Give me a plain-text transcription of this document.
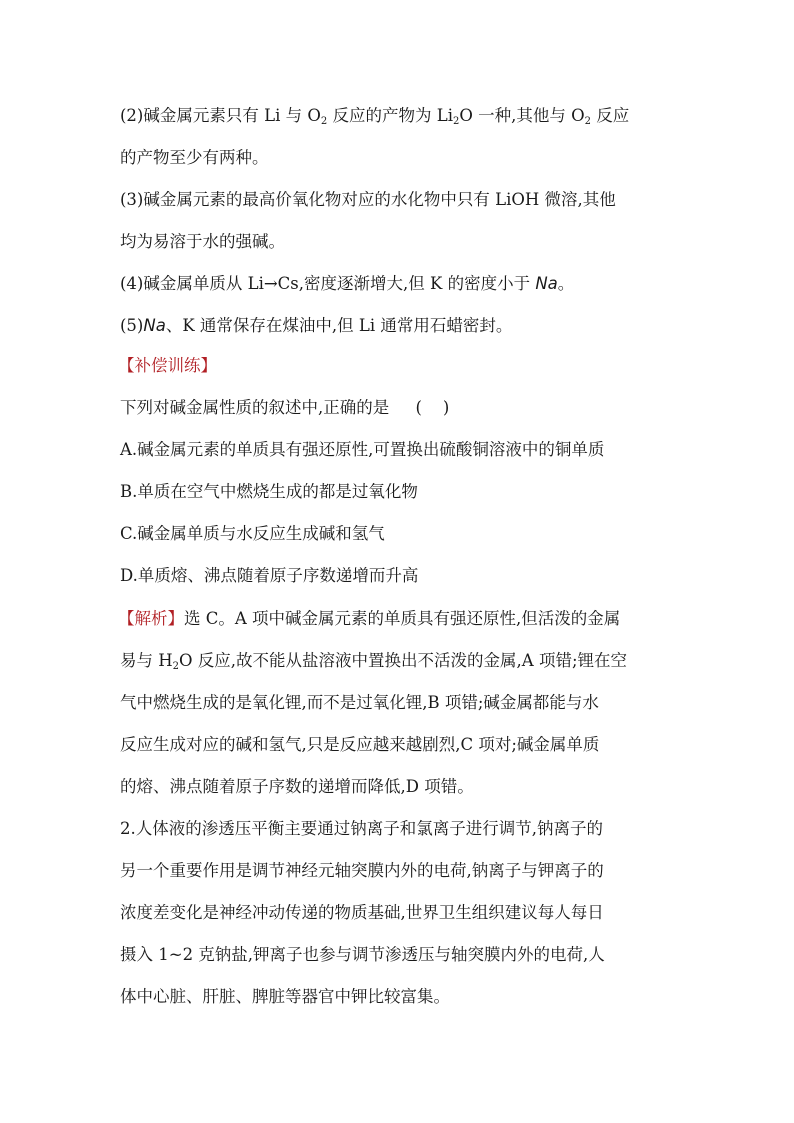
(2)碱金属元素只有 Li 与 $O_2$ 反应的产物为 $Li_2O$ 一种,其他与 $O_2$ 反应
的产物至少有两种。
(3)碱金属元素的最高价氧化物对应的水化物中只有 LiOH 微溶,其他
均为易溶于水的强碱。
(4)碱金属单质从 Li→Cs,密度逐渐增大,但 K 的密度小于 Na。
(5)Na、K 通常保存在煤油中,但 Li 通常用石蜡密封。
【补偿训练】
下列对碱金属性质的叙述中,正确的是     (    )
A.碱金属元素的单质具有强还原性,可置换出硫酸铜溶液中的铜单质
B.单质在空气中燃烧生成的都是过氧化物
C.碱金属单质与水反应生成碱和氢气
D.单质熔、沸点随着原子序数递增而升高
【解析】选 C。A 项中碱金属元素的单质具有强还原性,但活泼的金属
易与 $H_2O$ 反应,故不能从盐溶液中置换出不活泼的金属,A 项错;锂在空
气中燃烧生成的是氧化锂,而不是过氧化锂,B 项错;碱金属都能与水
反应生成对应的碱和氢气,只是反应越来越剧烈,C 项对;碱金属单质
的熔、沸点随着原子序数的递增而降低,D 项错。
2.人体液的渗透压平衡主要通过钠离子和氯离子进行调节,钠离子的
另一个重要作用是调节神经元轴突膜内外的电荷,钠离子与钾离子的
浓度差变化是神经冲动传递的物质基础,世界卫生组织建议每人每日
摄入 1~2 克钠盐,钾离子也参与调节渗透压与轴突膜内外的电荷,人
体中心脏、肝脏、脾脏等器官中钾比较富集。
